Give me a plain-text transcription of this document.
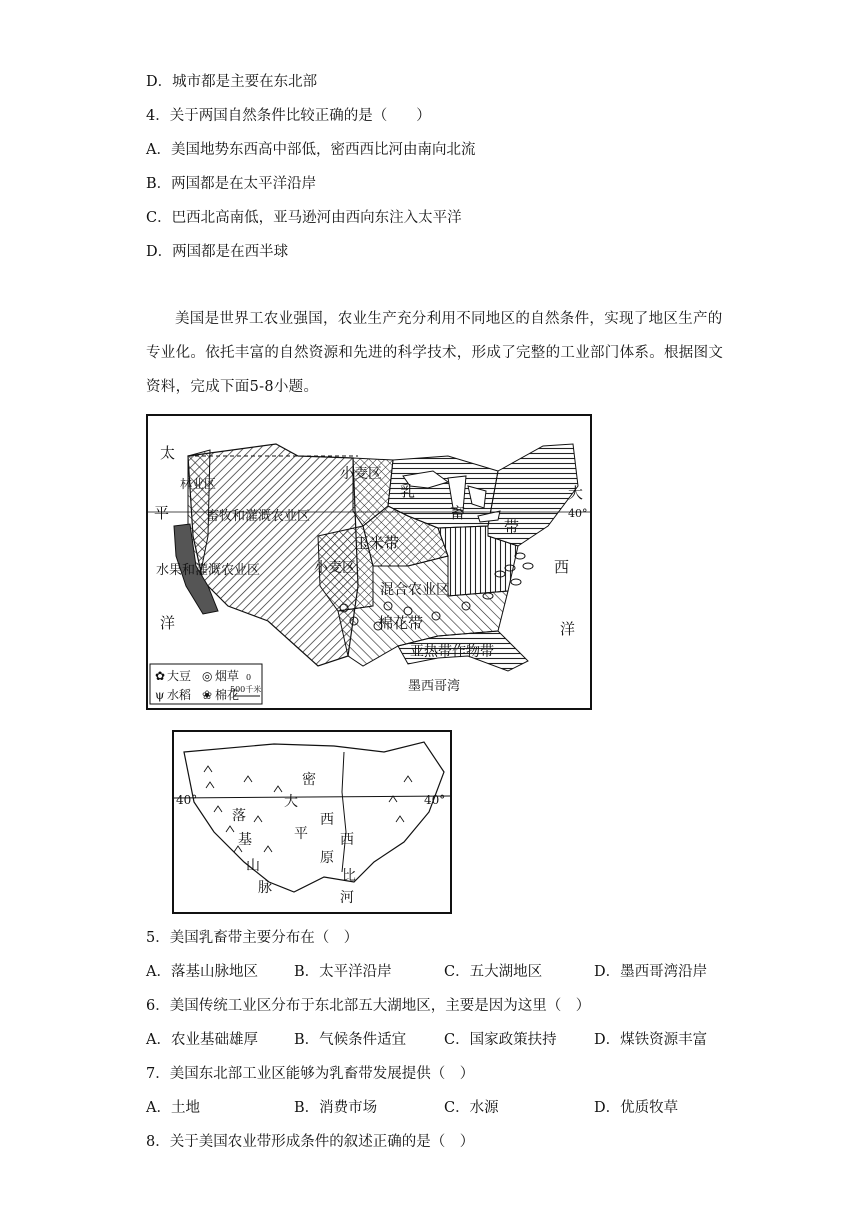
D．城市都是主要在东北部
4．关于两国自然条件比较正确的是（　　）
A．美国地势东西高中部低，密西西比河由南向北流
B．两国都是在太平洋沿岸
C．巴西北高南低，亚马逊河由西向东注入太平洋
D．两国都是在西半球
美国是世界工农业强国，农业生产充分利用不同地区的自然条件，实现了地区生产的专业化。依托丰富的自然资源和先进的科学技术，形成了完整的工业部门体系。根据图文资料，完成下面5-8小题。
太
平
洋
大
西
洋
40°
畜牧和灌溉农业区
小麦区
林业区
水果和灌溉农业区
乳
畜
带
玉米带
小麦区
混合农业区
棉花带
亚热带作物带
墨西哥湾
✿ 大豆 ◎ 烟草
ψ 水稻 ❀ 棉花
0
500千米
40°	40°
落
基
山
脉
大
平
原
密
西
西
比
河
5．美国乳畜带主要分布在（　）
A．落基山脉地区 B．太平洋沿岸	C．五大湖地区	D．墨西哥湾沿岸
6．美国传统工业区分布于东北部五大湖地区，主要是因为这里（　）
A．农业基础雄厚 B．气候条件适宜	C．国家政策扶持	D．煤铁资源丰富
7．美国东北部工业区能够为乳畜带发展提供（　）
A．土地	B．消费市场	C．水源	D．优质牧草
8．关于美国农业带形成条件的叙述正确的是（　）
